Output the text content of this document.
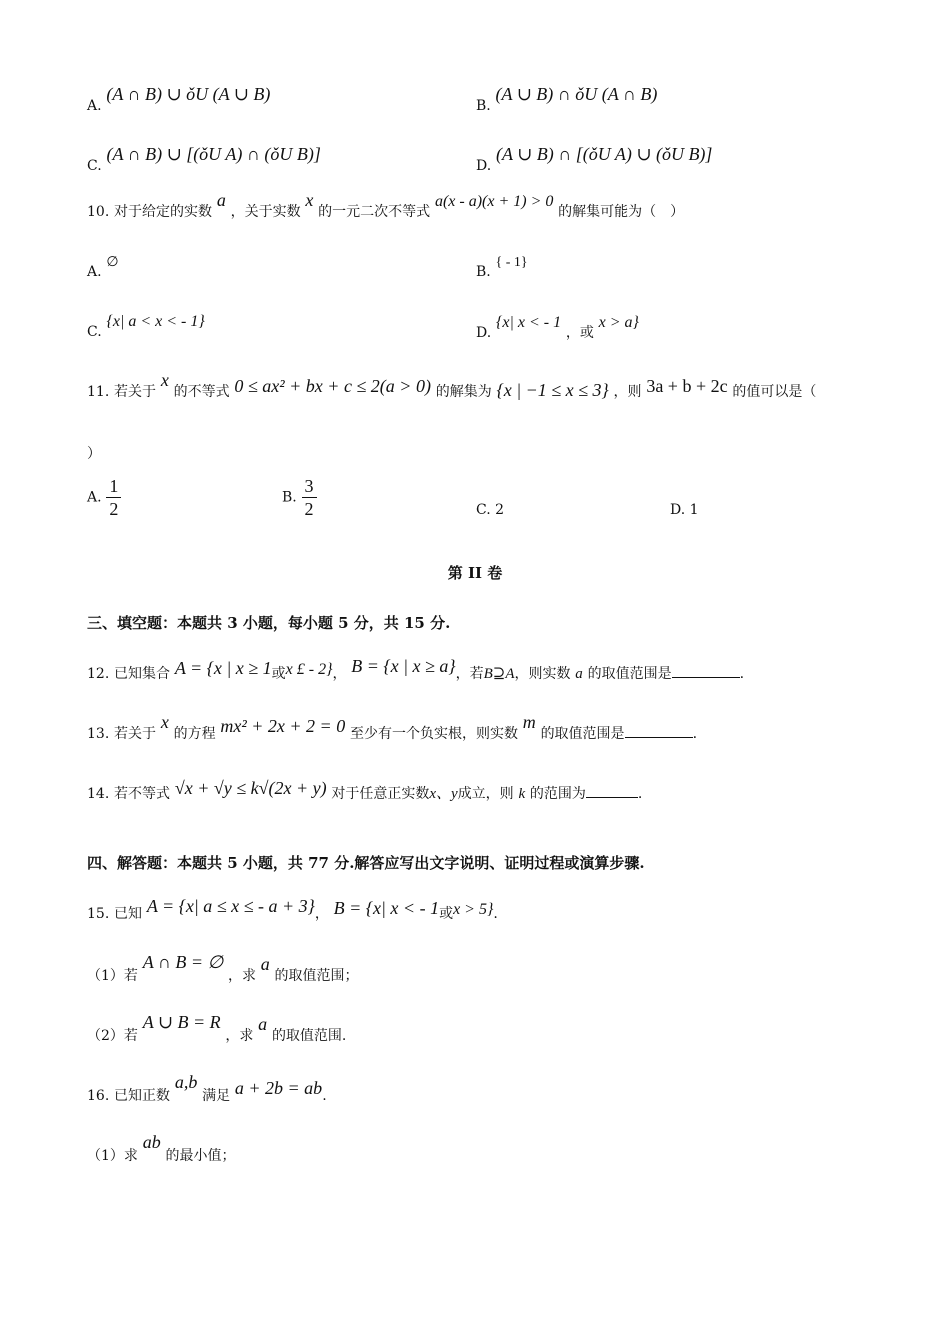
A. (A ∩ B) ∪ ǒU (A ∪ B)
B. (A ∪ B) ∩ ǒU (A ∩ B)
C. (A ∩ B) ∪ [(ǒU A) ∩ (ǒU B)]
D. (A ∪ B) ∩ [(ǒU A) ∪ (ǒU B)]
10. 对于给定的实数 a ，关于实数 x 的一元二次不等式 a(x - a)(x + 1) > 0 的解集可能为（　）
A. ∅
B. { - 1}
C. {x| a < x < - 1}
D. {x| x < - 1 ，或 x > a}
11. 若关于 x 的不等式 0 ≤ ax² + bx + c ≤ 2(a > 0) 的解集为 {x | −1 ≤ x ≤ 3} ，则 3a + b + 2c 的值可以是（
）
A. $\frac{1}{2}$	B. $\frac{3}{2}$	C. 2	D. 1
第 II 卷
三、填空题：本题共 3 小题，每小题 5 分，共 15 分.
12. 已知集合 A = {x | x ≥ 1或x £ - 2}， B = {x | x ≥ a}，若B⊇A，则实数 a 的取值范围是	.
13. 若关于 x 的方程 mx² + 2x + 2 = 0 至少有一个负实根，则实数 m 的取值范围是	.
14. 若不等式 √x + √y ≤ k√(2x + y) 对于任意正实数x、y成立，则 k 的范围为	.
四、解答题：本题共 5 小题，共 77 分.解答应写出文字说明、证明过程或演算步骤.
15. 已知 A = {x| a ≤ x ≤ - a + 3}， B = {x| x < - 1或x > 5}.
（1）若 A ∩ B = ∅ ，求 a 的取值范围；
（2）若 A ∪ B = R ，求 a 的取值范围.
16. 已知正数 a,b 满足 a + 2b = ab.
（1）求 ab 的最小值；
